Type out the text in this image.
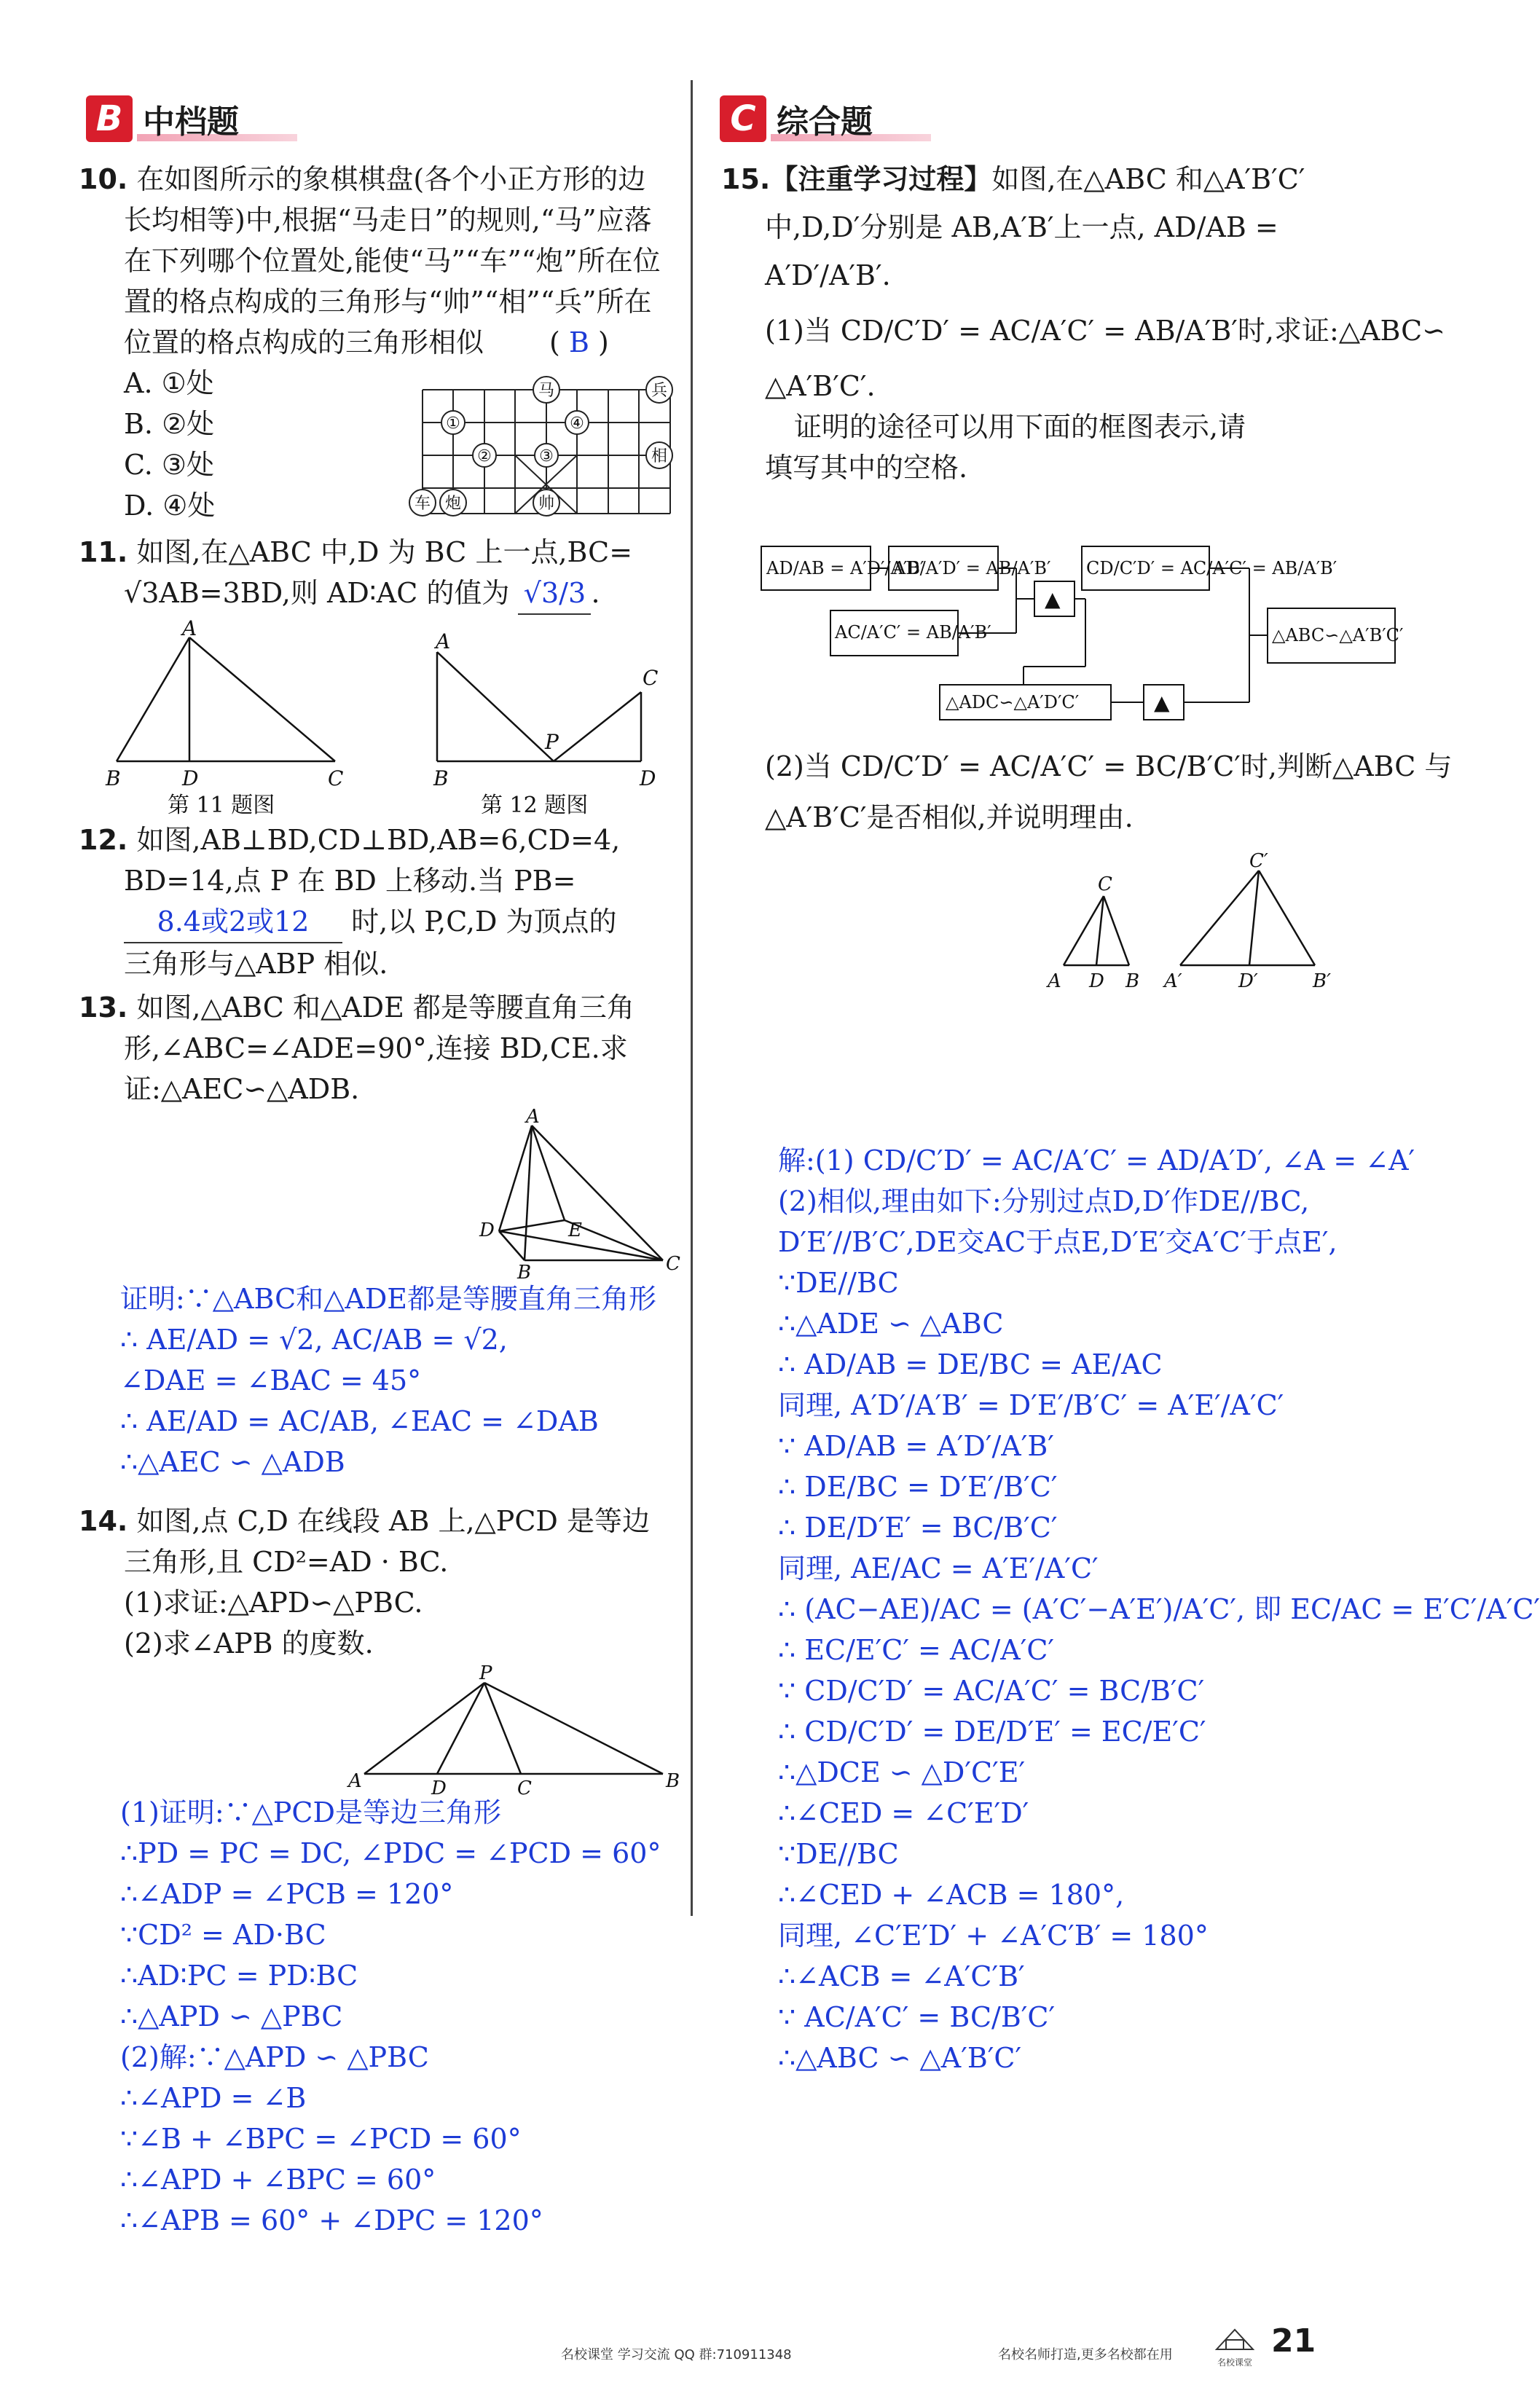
B 中档题	C 综合题
10. 在如图所示的象棋棋盘(各个小正方形的边
长均相等)中,根据“马走日”的规则,“马”应落
在下列哪个位置处,能使“马”“车”“炮”所在位
置的格点构成的三角形与“帅”“相”“兵”所在
位置的格点构成的三角形相似 ( B )
A. ①处
B. ②处
C. ③处
D. ④处
①
②	③
④
马	兵
相
车 炮	帅
11. 如图,在△ABC 中,D 为 BC 上一点,BC=
√3AB=3BD,则 AD∶AC 的值为 √3/3 .
A
B	D	C
第 11 题图
A
B
P
C
D
第 12 题图
12. 如图,AB⊥BD,CD⊥BD,AB=6,CD=4,
BD=14,点 P 在 BD 上移动.当 PB=
8.4或2或12 时,以 P,C,D 为顶点的
三角形与△ABP 相似.
13. 如图,△ABC 和△ADE 都是等腰直角三角
形,∠ABC=∠ADE=90°,连接 BD,CE.求
证:△AEC∽△ADB.
A
D	E
B	C
证明:∵△ABC和△ADE都是等腰直角三角形
∴ AE/AD = √2, AC/AB = √2,
∠DAE = ∠BAC = 45°
∴ AE/AD = AC/AB, ∠EAC = ∠DAB
∴△AEC ∽ △ADB
14. 如图,点 C,D 在线段 AB 上,△PCD 是等边
三角形,且 CD²=AD · BC.
(1)求证:△APD∽△PBC.
(2)求∠APB 的度数.
P
A	D	C	B
(1)证明:∵△PCD是等边三角形
∴PD = PC = DC, ∠PDC = ∠PCD = 60°
∴∠ADP = ∠PCB = 120°
∵CD² = AD·BC
∴AD∶PC = PD∶BC
∴△APD ∽ △PBC
(2)解:∵△APD ∽ △PBC
∴∠APD = ∠B
∵∠B + ∠BPC = ∠PCD = 60°
∴∠APD + ∠BPC = 60°
∴∠APB = 60° + ∠DPC = 120°
15.【注重学习过程】如图,在△ABC 和△A′B′C′
中,D,D′分别是 AB,A′B′上一点, AD/AB =
A′D′/A′B′.
(1)当 CD/C′D′ = AC/A′C′ = AB/A′B′时,求证:△ABC∽
△A′B′C′.
证明的途径可以用下面的框图表示,请
填写其中的空格.
AD/AB = A′D′/A′B′
AD/A′D′ = AB/A′B′
AC/A′C′ = AB/A′B′
CD/C′D′ = AC/A′C′ = AB/A′B′
△ADC∽△A′D′C′
△ABC∽△A′B′C′
▲
▲
(2)当 CD/C′D′ = AC/A′C′ = BC/B′C′时,判断△ABC 与
△A′B′C′是否相似,并说明理由.
C
A D B
C′
A′	D′	B′
解:(1) CD/C′D′ = AC/A′C′ = AD/A′D′, ∠A = ∠A′
(2)相似,理由如下:分别过点D,D′作DE//BC,
D′E′//B′C′,DE交AC于点E,D′E′交A′C′于点E′,
∵DE//BC
∴△ADE ∽ △ABC
∴ AD/AB = DE/BC = AE/AC
同理, A′D′/A′B′ = D′E′/B′C′ = A′E′/A′C′
∵ AD/AB = A′D′/A′B′
∴ DE/BC = D′E′/B′C′
∴ DE/D′E′ = BC/B′C′
同理, AE/AC = A′E′/A′C′
∴ (AC−AE)/AC = (A′C′−A′E′)/A′C′, 即 EC/AC = E′C′/A′C′
∴ EC/E′C′ = AC/A′C′
∵ CD/C′D′ = AC/A′C′ = BC/B′C′
∴ CD/C′D′ = DE/D′E′ = EC/E′C′
∴△DCE ∽ △D′C′E′
∴∠CED = ∠C′E′D′
∵DE//BC
∴∠CED + ∠ACB = 180°,
同理, ∠C′E′D′ + ∠A′C′B′ = 180°
∴∠ACB = ∠A′C′B′
∵ AC/A′C′ = BC/B′C′
∴△ABC ∽ △A′B′C′
名校课堂 学习交流 QQ 群:710911348	名校名师打造,更多名校都在用	名校课堂
21
